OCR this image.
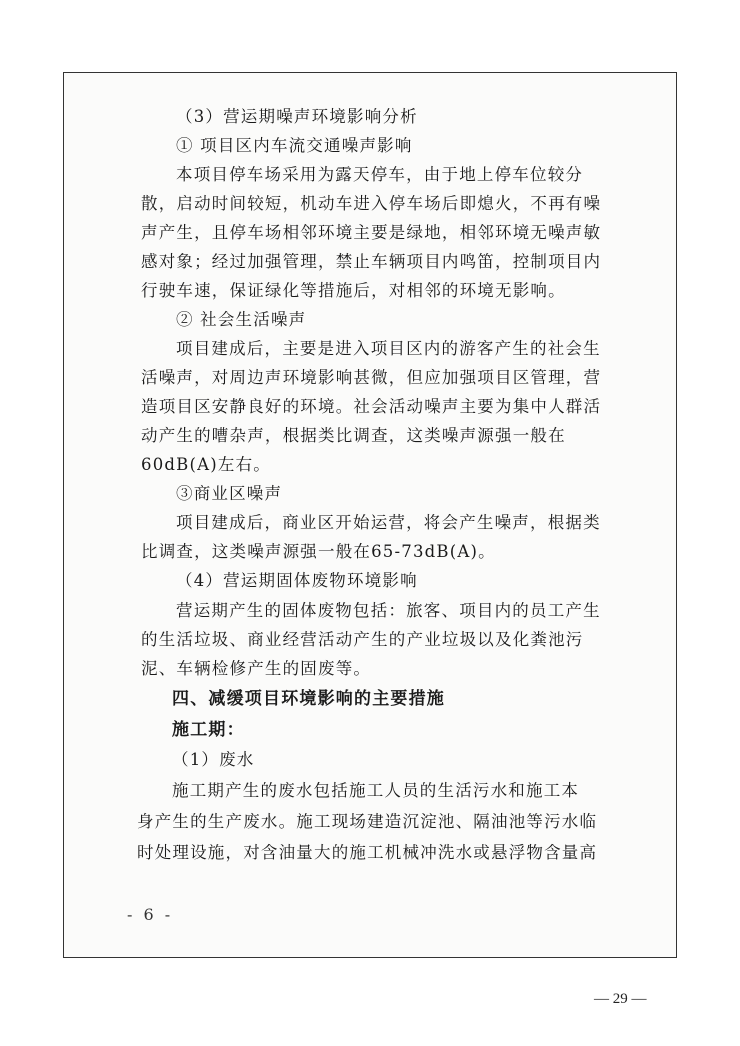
（3）营运期噪声环境影响分析
① 项目区内车流交通噪声影响
本项目停车场采用为露天停车，由于地上停车位较分
散，启动时间较短，机动车进入停车场后即熄火，不再有噪
声产生，且停车场相邻环境主要是绿地，相邻环境无噪声敏
感对象；经过加强管理，禁止车辆项目内鸣笛，控制项目内
行驶车速，保证绿化等措施后，对相邻的环境无影响。
② 社会生活噪声
项目建成后，主要是进入项目区内的游客产生的社会生
活噪声，对周边声环境影响甚微，但应加强项目区管理，营
造项目区安静良好的环境。社会活动噪声主要为集中人群活
动产生的嘈杂声，根据类比调查，这类噪声源强一般在
60dB(A)左右。
③商业区噪声
项目建成后，商业区开始运营，将会产生噪声，根据类
比调查，这类噪声源强一般在65-73dB(A)。
（4）营运期固体废物环境影响
营运期产生的固体废物包括：旅客、项目内的员工产生
的生活垃圾、商业经营活动产生的产业垃圾以及化粪池污
泥、车辆检修产生的固废等。
四、减缓项目环境影响的主要措施
施工期：
（1）废水
施工期产生的废水包括施工人员的生活污水和施工本
身产生的生产废水。施工现场建造沉淀池、隔油池等污水临
时处理设施，对含油量大的施工机械冲洗水或悬浮物含量高
- 6 -
— 29 —
